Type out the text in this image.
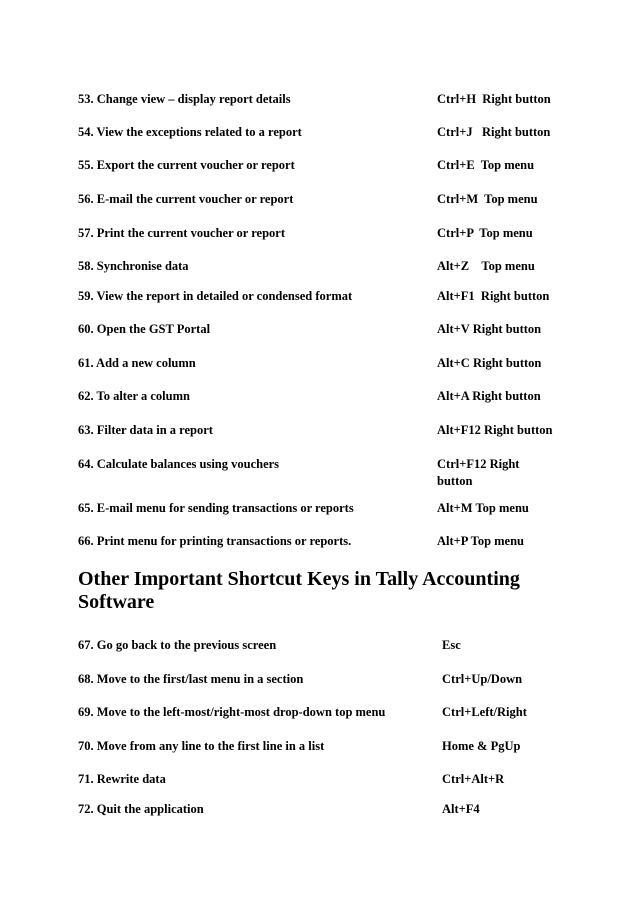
53. Change view – display report details	Ctrl+H  Right button
54. View the exceptions related to a report	Ctrl+J   Right button
55. Export the current voucher or report	Ctrl+E  Top menu
56. E-mail the current voucher or report	Ctrl+M  Top menu
57. Print the current voucher or report	Ctrl+P  Top menu
58. Synchronise data	Alt+Z    Top menu
59. View the report in detailed or condensed format	Alt+F1  Right button
60. Open the GST Portal	Alt+V Right button
61. Add a new column	Alt+C Right button
62. To alter a column	Alt+A Right button
63. Filter data in a report	Alt+F12 Right button
64. Calculate balances using vouchers	Ctrl+F12 Right button
65. E-mail menu for sending transactions or reports	Alt+M Top menu
66. Print menu for printing transactions or reports.	Alt+P Top menu
Other Important Shortcut Keys in Tally Accounting Software
67. Go go back to the previous screen	Esc
68. Move to the first/last menu in a section	Ctrl+Up/Down
69. Move to the left-most/right-most drop-down top menu	Ctrl+Left/Right
70. Move from any line to the first line in a list	Home & PgUp
71. Rewrite data	Ctrl+Alt+R
72. Quit the application	Alt+F4
